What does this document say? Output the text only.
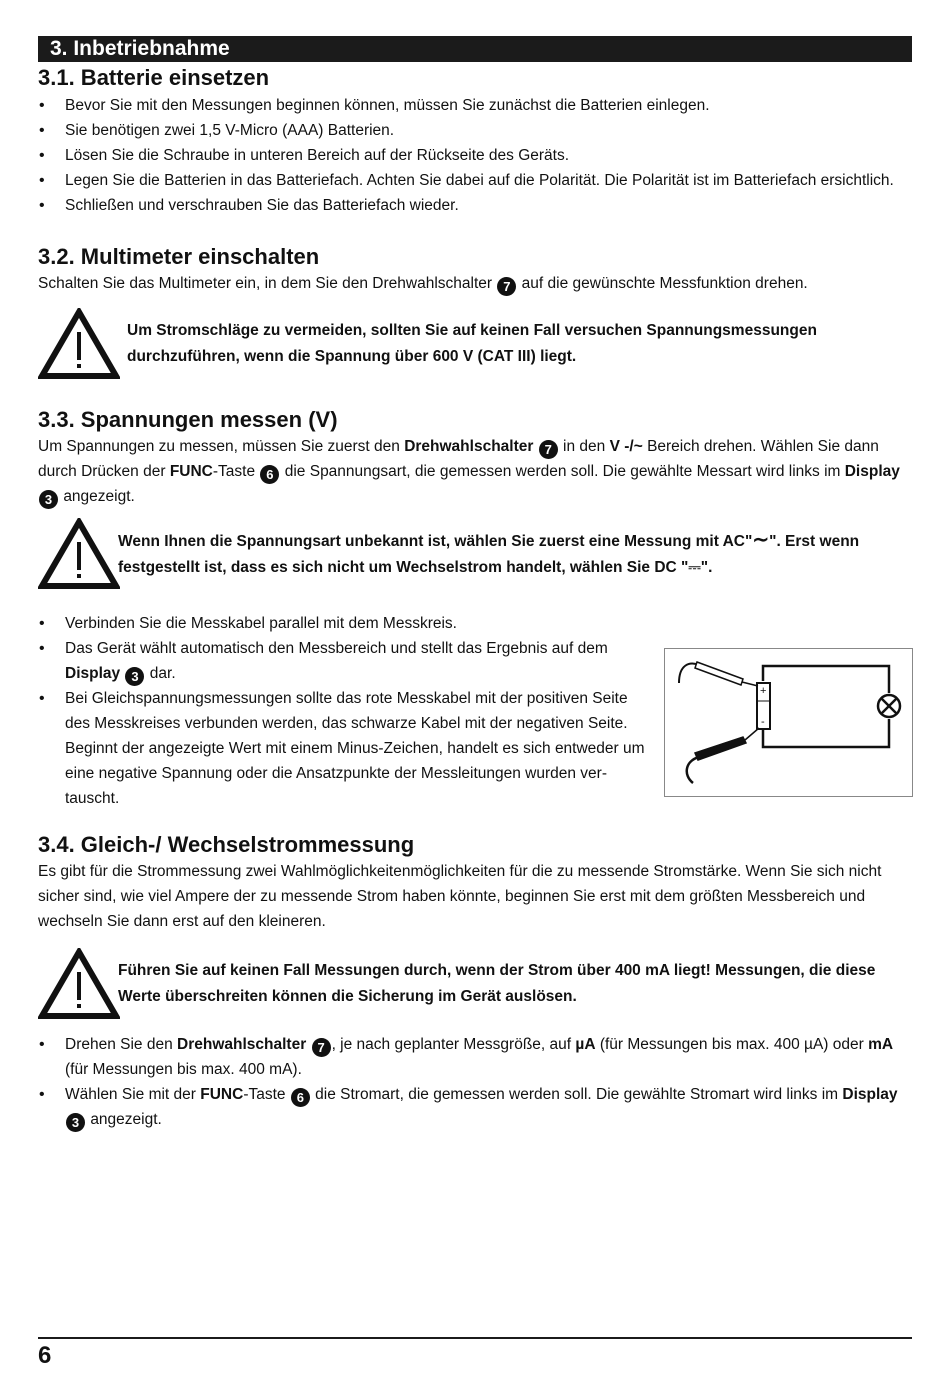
3. Inbetriebnahme
3.1. Batterie einsetzen
• Bevor Sie mit den Messungen beginnen können, müssen Sie zunächst die Batterien einlegen.
• Sie benötigen zwei 1,5 V-Micro (AAA) Batterien.
• Lösen Sie die Schraube in unteren Bereich auf der Rückseite des Geräts.
• Legen Sie die Batterien in das Batteriefach. Achten Sie dabei auf die Polarität. Die Polarität ist im Batteriefach ersichtlich.
• Schließen und verschrauben Sie das Batteriefach wieder.
3.2. Multimeter einschalten

Schalten Sie das Multimeter ein, in dem Sie den Drehwahlschalter 7 auf die gewünschte Messfunktion drehen.

Um Stromschläge zu vermeiden, sollten Sie auf keinen Fall versuchen Spannungsmessungen durchzuführen, wenn die Spannung über 600 V (CAT III) liegt.
3.3. Spannungen messen (V)

Um Spannungen zu messen, müssen Sie zuerst den Drehwahlschalter 7 in den V -/~ Bereich drehen. Wählen Sie dann durch Drücken der FUNC-Taste 6 die Spannungsart, die gemessen werden soll. Die gewählte Messart wird links im Display 3 angezeigt.

Wenn Ihnen die Spannungsart unbekannt ist, wählen Sie zuerst eine Messung mit AC"∼". Erst wenn festgestellt ist, dass es sich nicht um Wechselstrom handelt, wählen Sie DC "⎓".
• Verbinden Sie die Messkabel parallel mit dem Messkreis.
• Das Gerät wählt automatisch den Messbereich und stellt das Ergebnis auf dem Display 3 dar.
• Bei Gleichspannungsmessungen sollte das rote Messkabel mit der positiven Seite des Messkreises verbunden werden, das schwarze Kabel mit der negativen Seite. Beginnt der angezeigte Wert mit einem Minus-Zeichen, handelt es sich entweder um eine negative Spannung oder die Ansatzpunkte der Messleitungen wurden ver-tauscht.
3.4. Gleich-/ Wechselstrommessung

Es gibt für die Strommessung zwei Wahlmöglichkeitenmöglichkeiten für die zu messende Stromstärke. Wenn Sie sich nicht sicher sind, wie viel Ampere der zu messende Strom haben könnte, beginnen Sie erst mit dem größten Messbereich und wechseln Sie dann erst auf den kleineren.

Führen Sie auf keinen Fall Messungen durch, wenn der Strom über 400 mA liegt! Messungen, die diese Werte überschreiten können die Sicherung im Gerät auslösen.
• Drehen Sie den Drehwahlschalter 7 , je nach geplanter Messgröße, auf µA (für Messungen bis max. 400 µA) oder mA (für Messungen bis max. 400 mA).
• Wählen Sie mit der FUNC-Taste 6 die Stromart, die gemessen werden soll. Die gewählte Stromart wird links im Display 3 angezeigt.
+
-
6
